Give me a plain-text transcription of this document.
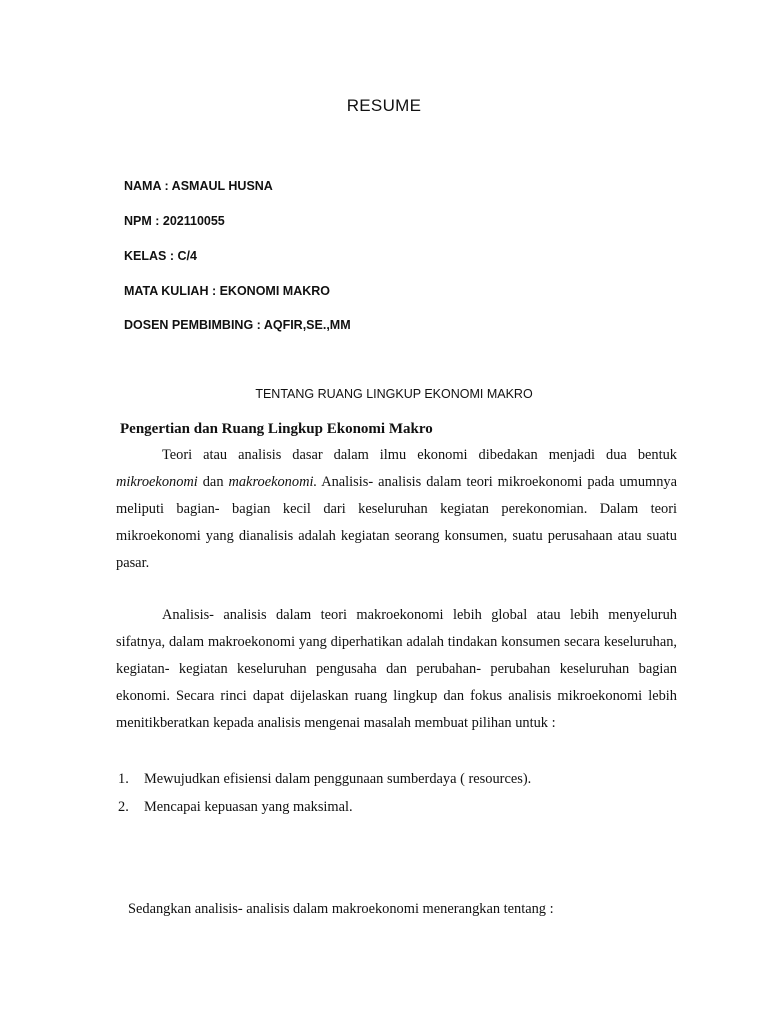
RESUME
NAMA : ASMAUL HUSNA
NPM : 202110055
KELAS : C/4
MATA KULIAH : EKONOMI MAKRO
DOSEN PEMBIMBING : AQFIR,SE.,MM
TENTANG RUANG LINGKUP EKONOMI MAKRO
Pengertian dan Ruang Lingkup Ekonomi Makro

Teori atau analisis dasar dalam ilmu ekonomi dibedakan menjadi dua bentuk mikroekonomi dan makroekonomi. Analisis- analisis dalam teori mikroekonomi pada umumnya meliputi bagian- bagian kecil dari keseluruhan kegiatan perekonomian. Dalam teori mikroekonomi yang dianalisis adalah kegiatan seorang konsumen, suatu perusahaan atau suatu pasar.

Analisis- analisis dalam teori makroekonomi lebih global atau lebih menyeluruh sifatnya, dalam makroekonomi yang diperhatikan adalah tindakan konsumen secara keseluruhan, kegiatan- kegiatan keseluruhan pengusaha dan perubahan- perubahan keseluruhan bagian ekonomi. Secara rinci dapat dijelaskan ruang lingkup dan fokus analisis mikroekonomi lebih menitikberatkan kepada analisis mengenai masalah membuat pilihan untuk :

1. Mewujudkan efisiensi dalam penggunaan sumberdaya ( resources).
2. Mencapai kepuasan yang maksimal.

Sedangkan analisis- analisis dalam makroekonomi menerangkan tentang :
